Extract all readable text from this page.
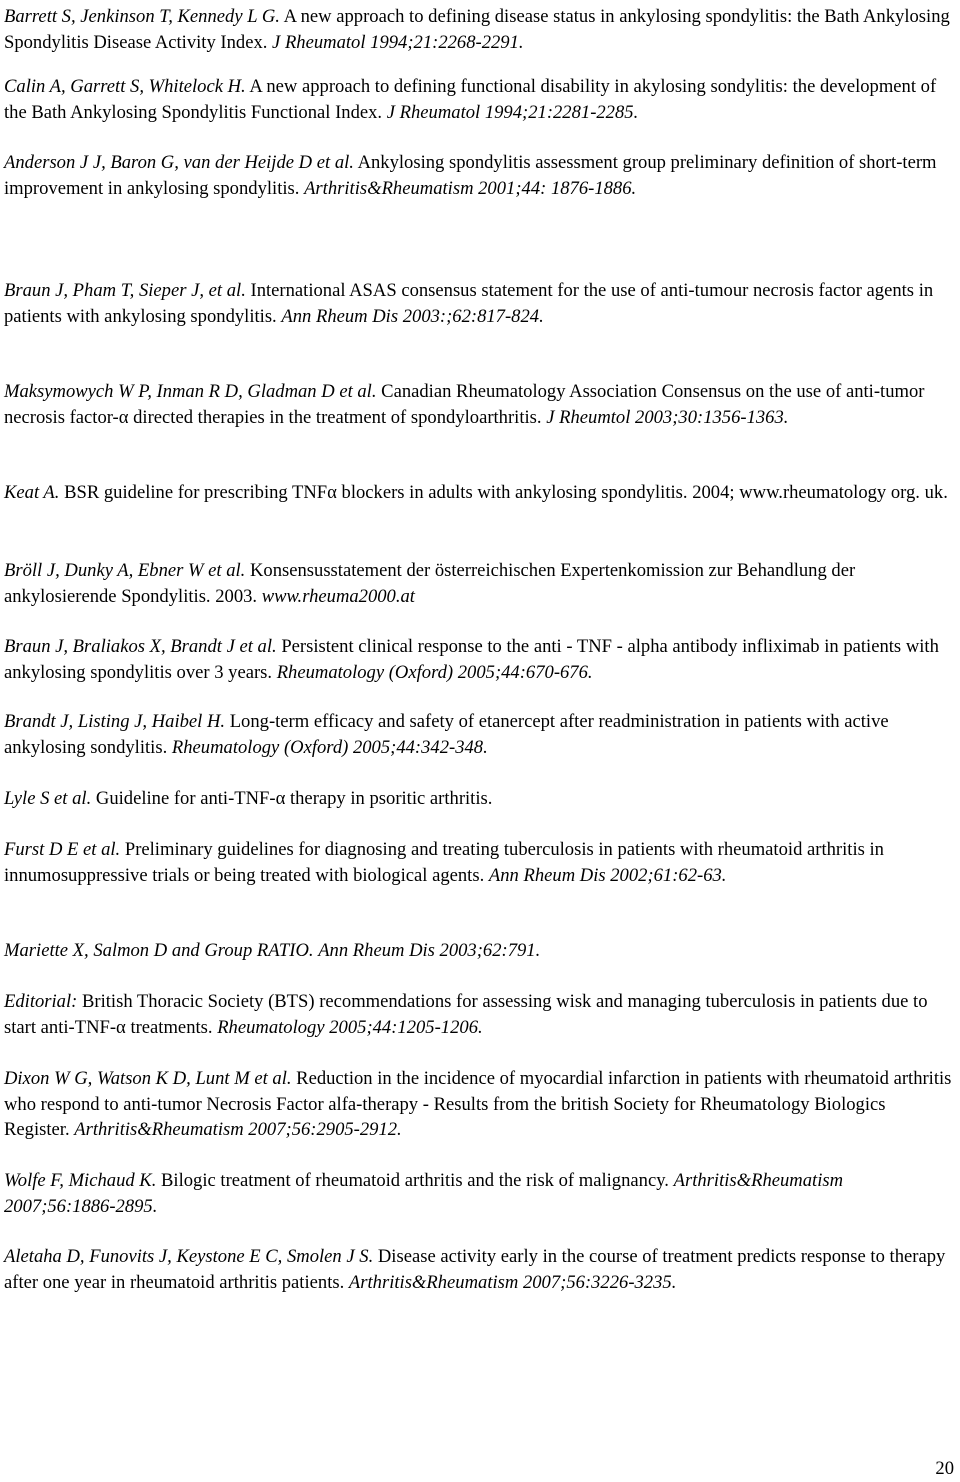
Barrett S, Jenkinson T, Kennedy L G. A new approach to defining disease status in ankylosing spondylitis: the Bath Ankylosing Spondylitis Disease Activity Index. J Rheumatol 1994;21:2268-2291.

Calin A, Garrett S, Whitelock H. A new approach to defining functional disability in akylosing sondylitis: the development of the Bath Ankylosing Spondylitis Functional Index. J Rheumatol 1994;21:2281-2285.

Anderson J J, Baron G, van der Heijde D et al. Ankylosing spondylitis assessment group preliminary definition of short-term improvement in ankylosing spondylitis. Arthritis&Rheumatism 2001;44: 1876-1886.

Braun J, Pham T, Sieper J, et al. International ASAS consensus statement for the use of anti-tumour necrosis factor agents in patients with ankylosing spondylitis. Ann Rheum Dis 2003:;62:817-824.

Maksymowych W P, Inman R D, Gladman D et al. Canadian Rheumatology Association Consensus on the use of anti-tumor necrosis factor-α directed therapies in the treatment of spondyloarthritis. J Rheumtol 2003;30:1356-1363.

Keat A. BSR guideline for prescribing TNFα blockers in adults with ankylosing spondylitis. 2004; www.rheumatology org. uk.

Bröll J, Dunky A, Ebner W et al. Konsensusstatement der österreichischen Expertenkomission zur Behandlung der ankylosierende Spondylitis. 2003. www.rheuma2000.at

Braun J, Braliakos X, Brandt J et al. Persistent clinical response to the anti - TNF - alpha antibody infliximab in patients with ankylosing spondylitis over 3 years. Rheumatology (Oxford) 2005;44:670-676.

Brandt J, Listing J, Haibel H. Long-term efficacy and safety of etanercept after readministration in patients with active ankylosing sondylitis. Rheumatology (Oxford) 2005;44:342-348.

Lyle S et al. Guideline for anti-TNF-α therapy in psoritic arthritis.

Furst D E et al. Preliminary guidelines for diagnosing and treating tuberculosis in patients with rheumatoid arthritis in innumosuppressive trials or being treated with biological agents. Ann Rheum Dis 2002;61:62-63.

Mariette X, Salmon D and Group RATIO. Ann Rheum Dis 2003;62:791.

Editorial: British Thoracic Society (BTS) recommendations for assessing wisk and managing tuberculosis in patients due to start anti-TNF-α treatments. Rheumatology 2005;44:1205-1206.

Dixon W G, Watson K D, Lunt M et al. Reduction in the incidence of myocardial infarction in patients with rheumatoid arthritis who respond to anti-tumor Necrosis Factor alfa-therapy - Results from the british Society for Rheumatology Biologics Register. Arthritis&Rheumatism 2007;56:2905-2912.

Wolfe F, Michaud K. Bilogic treatment of rheumatoid arthritis and the risk of malignancy. Arthritis&Rheumatism 2007;56:1886-2895.

Aletaha D, Funovits J, Keystone E C, Smolen J S. Disease activity early in the course of treatment predicts response to therapy after one year in rheumatoid arthritis patients. Arthritis&Rheumatism 2007;56:3226-3235.

20
